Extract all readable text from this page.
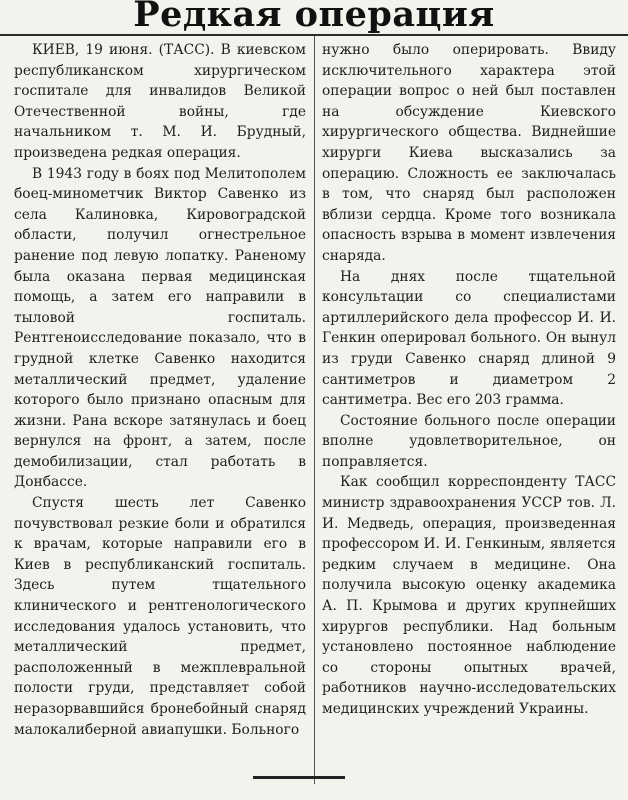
Редкая операция

КИЕВ, 19 июня. (ТАСС). В киевском республиканском хирургическом госпитале для инвалидов Великой Отечественной войны, где начальником т. М. И. Брудный, произведена редкая операция.

В 1943 году в боях под Мелитополем боец-минометчик Виктор Савенко из села Калиновка, Кировоградской области, получил огнестрельное ранение под левую лопатку. Раненому была оказана первая медицинская помощь, а затем его направили в тыловой госпиталь. Рентгеноисследование показало, что в грудной клетке Савенко находится металлический предмет, удаление которого было признано опасным для жизни. Рана вскоре затянулась и боец вернулся на фронт, а затем, после демобилизации, стал работать в Донбассе.

Спустя шесть лет Савенко почувствовал резкие боли и обратился к врачам, которые направили его в Киев в республиканский госпиталь. Здесь путем тщательного клинического и рентгенологического исследования удалось установить, что металлический предмет, расположенный в межплевральной полости груди, представляет собой неразорвавшийся бронебойный снаряд малокалиберной авиапушки. Больного

нужно было оперировать. Ввиду исключительного характера этой операции вопрос о ней был поставлен на обсуждение Киевского хирургического общества. Виднейшие хирурги Киева высказались за операцию. Сложность ее заключалась в том, что снаряд был расположен вблизи сердца. Кроме того возникала опасность взрыва в момент извлечения снаряда.

На днях после тщательной консультации со специалистами артиллерийского дела профессор И. И. Генкин оперировал больного. Он вынул из груди Савенко снаряд длиной 9 сантиметров и диаметром 2 сантиметра. Вес его 203 грамма.

Состояние больного после операции вполне удовлетворительное, он поправляется.

Как сообщил корреспонденту ТАСС министр здравоохранения УССР тов. Л. И. Медведь, операция, произведенная профессором И. И. Генкиным, является редким случаем в медицине. Она получила высокую оценку академика А. П. Крымова и других крупнейших хирургов республики. Над больным установлено постоянное наблюдение со стороны опытных врачей, работников научно-исследовательских медицинских учреждений Украины.
